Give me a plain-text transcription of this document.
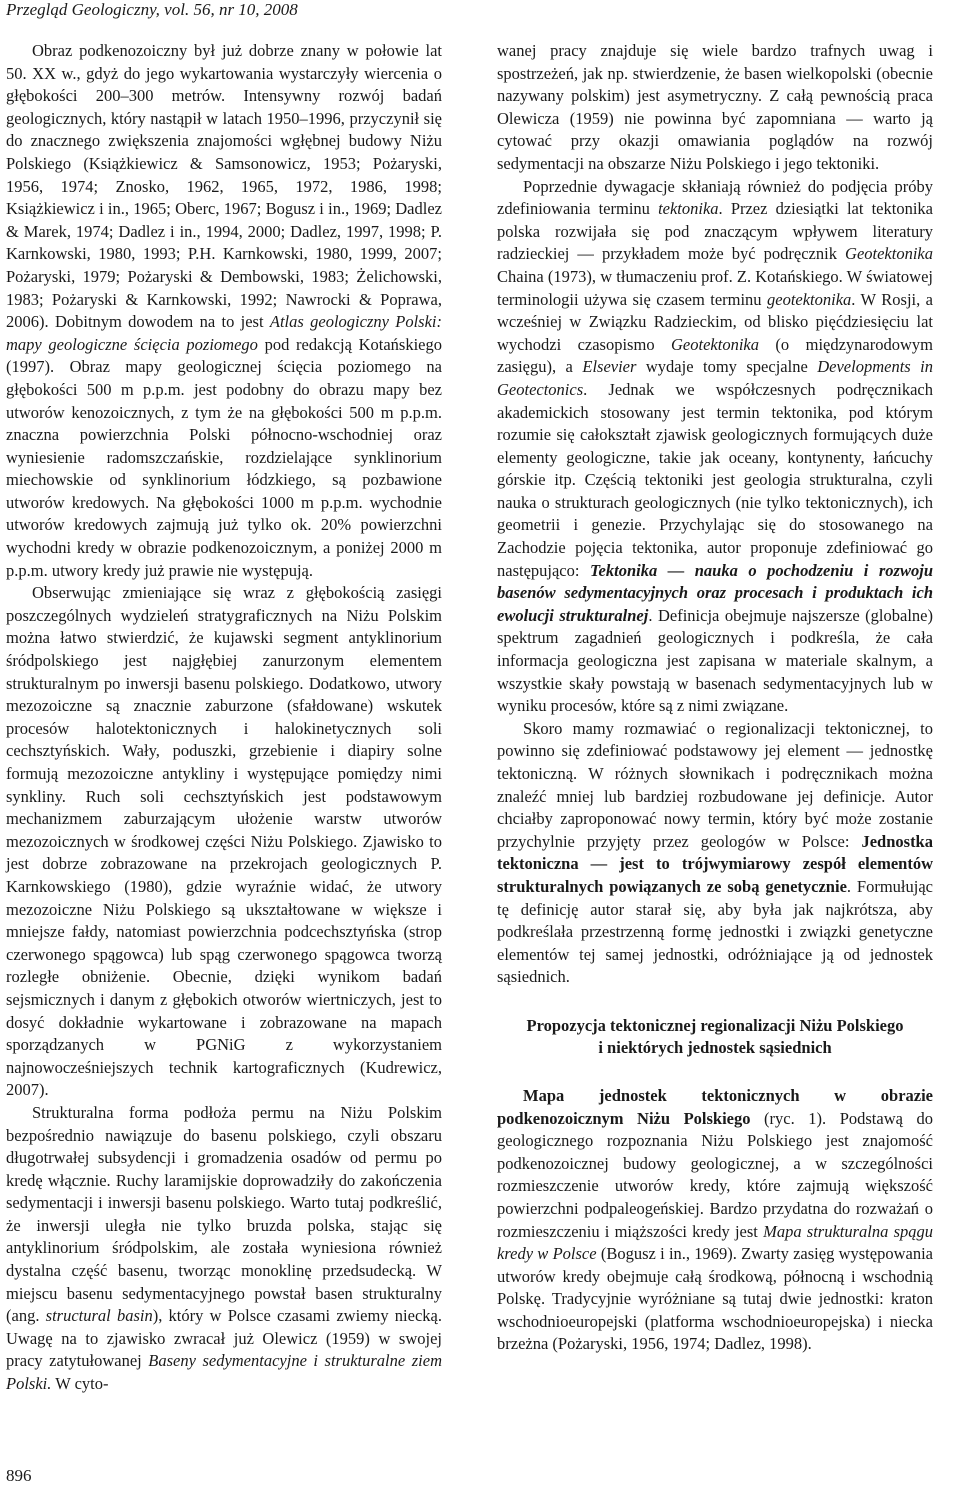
Przegląd Geologiczny, vol. 56, nr 10, 2008

Obraz podkenozoiczny był już dobrze znany w połowie lat 50. XX w., gdyż do jego wykartowania wystarczyły wiercenia o głębokości 200–300 metrów. Intensywny rozwój badań geologicznych, który nastąpił w latach 1950–1996, przyczynił się do znacznego zwiększenia znajomości wgłębnej budowy Niżu Polskiego (Książkiewicz & Samsonowicz, 1953; Pożaryski, 1956, 1974; Znosko, 1962, 1965, 1972, 1986, 1998; Książkiewicz i in., 1965; Oberc, 1967; Bogusz i in., 1969; Dadlez & Marek, 1974; Dadlez i in., 1994, 2000; Dadlez, 1997, 1998; P. Karnkowski, 1980, 1993; P.H. Karnkowski, 1980, 1999, 2007; Pożaryski, 1979; Pożaryski & Dembowski, 1983; Żelichowski, 1983; Pożaryski & Karnkowski, 1992; Nawrocki & Poprawa, 2006). Dobitnym dowodem na to jest Atlas geologiczny Polski: mapy geologiczne ścięcia poziomego pod redakcją Kotańskiego (1997). Obraz mapy geologicznej ścięcia poziomego na głębokości 500 m p.p.m. jest podobny do obrazu mapy bez utworów kenozoicznych, z tym że na głębokości 500 m p.p.m. znaczna powierzchnia Polski północno-wschodniej oraz wyniesienie radomszczańskie, rozdzielające synklinorium miechowskie od synklinorium łódzkiego, są pozbawione utworów kredowych. Na głębokości 1000 m p.p.m. wychodnie utworów kredowych zajmują już tylko ok. 20% powierzchni wychodni kredy w obrazie podkenozoicznym, a poniżej 2000 m p.p.m. utwory kredy już prawie nie występują.

Obserwując zmieniające się wraz z głębokością zasięgi poszczególnych wydzieleń stratygraficznych na Niżu Polskim można łatwo stwierdzić, że kujawski segment antyklinorium śródpolskiego jest najgłębiej zanurzonym elementem strukturalnym po inwersji basenu polskiego. Dodatkowo, utwory mezozoiczne są znacznie zaburzone (sfałdowane) wskutek procesów halotektonicznych i halokinetycznych soli cechsztyńskich. Wały, poduszki, grzebienie i diapiry solne formują mezozoiczne antykliny i występujące pomiędzy nimi synkliny. Ruch soli cechsztyńskich jest podstawowym mechanizmem zaburzającym ułożenie warstw utworów mezozoicznych w środkowej części Niżu Polskiego. Zjawisko to jest dobrze zobrazowane na przekrojach geologicznych P. Karnkowskiego (1980), gdzie wyraźnie widać, że utwory mezozoiczne Niżu Polskiego są ukształtowane w większe i mniejsze fałdy, natomiast powierzchnia podcechsztyńska (strop czerwonego spągowca) lub spąg czerwonego spągowca tworzą rozległe obniżenie. Obecnie, dzięki wynikom badań sejsmicznych i danym z głębokich otworów wiertniczych, jest to dosyć dokładnie wykartowane i zobrazowane na mapach sporządzanych w PGNiG z wykorzystaniem najnowocześniejszych technik kartograficznych (Kudrewicz, 2007).

Strukturalna forma podłoża permu na Niżu Polskim bezpośrednio nawiązuje do basenu polskiego, czyli obszaru długotrwałej subsydencji i gromadzenia osadów od permu po kredę włącznie. Ruchy laramijskie doprowadziły do zakończenia sedymentacji i inwersji basenu polskiego. Warto tutaj podkreślić, że inwersji uległa nie tylko bruzda polska, stając się antyklinorium śródpolskim, ale została wyniesiona również dystalna część basenu, tworząc monoklinę przedsudecką. W miejscu basenu sedymentacyjnego powstał basen strukturalny (ang. structural basin), który w Polsce czasami zwiemy niecką. Uwagę na to zjawisko zwracał już Olewicz (1959) w swojej pracy zatytułowanej Baseny sedymentacyjne i strukturalne ziem Polski. W cyto-

wanej pracy znajduje się wiele bardzo trafnych uwag i spostrzeżeń, jak np. stwierdzenie, że basen wielkopolski (obecnie nazywany polskim) jest asymetryczny. Z całą pewnością praca Olewicza (1959) nie powinna być zapomniana — warto ją cytować przy okazji omawiania poglądów na rozwój sedymentacji na obszarze Niżu Polskiego i jego tektoniki.

Poprzednie dywagacje skłaniają również do podjęcia próby zdefiniowania terminu tektonika. Przez dziesiątki lat tektonika polska rozwijała się pod znaczącym wpływem literatury radzieckiej — przykładem może być podręcznik Geotektonika Chaina (1973), w tłumaczeniu prof. Z. Kotańskiego. W światowej terminologii używa się czasem terminu geotektonika. W Rosji, a wcześniej w Związku Radzieckim, od blisko pięćdziesięciu lat wychodzi czasopismo Geotektonika (o międzynarodowym zasięgu), a Elsevier wydaje tomy specjalne Developments in Geotectonics. Jednak we współczesnych podręcznikach akademickich stosowany jest termin tektonika, pod którym rozumie się całokształt zjawisk geologicznych formujących duże elementy geologiczne, takie jak oceany, kontynenty, łańcuchy górskie itp. Częścią tektoniki jest geologia strukturalna, czyli nauka o strukturach geologicznych (nie tylko tektonicznych), ich geometrii i genezie. Przychylając się do stosowanego na Zachodzie pojęcia tektonika, autor proponuje zdefiniować go następująco: Tektonika — nauka o pochodzeniu i rozwoju basenów sedymentacyjnych oraz procesach i produktach ich ewolucji strukturalnej. Definicja obejmuje najszersze (globalne) spektrum zagadnień geologicznych i podkreśla, że cała informacja geologiczna jest zapisana w materiale skalnym, a wszystkie skały powstają w basenach sedymentacyjnych lub w wyniku procesów, które są z nimi związane.

Skoro mamy rozmawiać o regionalizacji tektonicznej, to powinno się zdefiniować podstawowy jej element — jednostkę tektoniczną. W różnych słownikach i podręcznikach można znaleźć mniej lub bardziej rozbudowane jej definicje. Autor chciałby zaproponować nowy termin, który być może zostanie przychylnie przyjęty przez geologów w Polsce: Jednostka tektoniczna — jest to trójwymiarowy zespół elementów strukturalnych powiązanych ze sobą genetycznie. Formułując tę definicję autor starał się, aby była jak najkrótsza, aby podkreślała przestrzenną formę jednostki i związki genetyczne elementów tej samej jednostki, odróżniające ją od jednostek sąsiednich.

Propozycja tektonicznej regionalizacji Niżu Polskiego
i niektórych jednostek sąsiednich

Mapa jednostek tektonicznych w obrazie podkenozoicznym Niżu Polskiego (ryc. 1). Podstawą do geologicznego rozpoznania Niżu Polskiego jest znajomość podkenozoicznej budowy geologicznej, a w szczególności rozmieszczenie utworów kredy, które zajmują większość powierzchni podpaleogeńskiej. Bardzo przydatna do rozważań o rozmieszczeniu i miąższości kredy jest Mapa strukturalna spągu kredy w Polsce (Bogusz i in., 1969). Zwarty zasięg występowania utworów kredy obejmuje całą środkową, północną i wschodnią Polskę. Tradycyjnie wyróżniane są tutaj dwie jednostki: kraton wschodnioeuropejski (platforma wschodnioeuropejska) i niecka brzeżna (Pożaryski, 1956, 1974; Dadlez, 1998).

896
